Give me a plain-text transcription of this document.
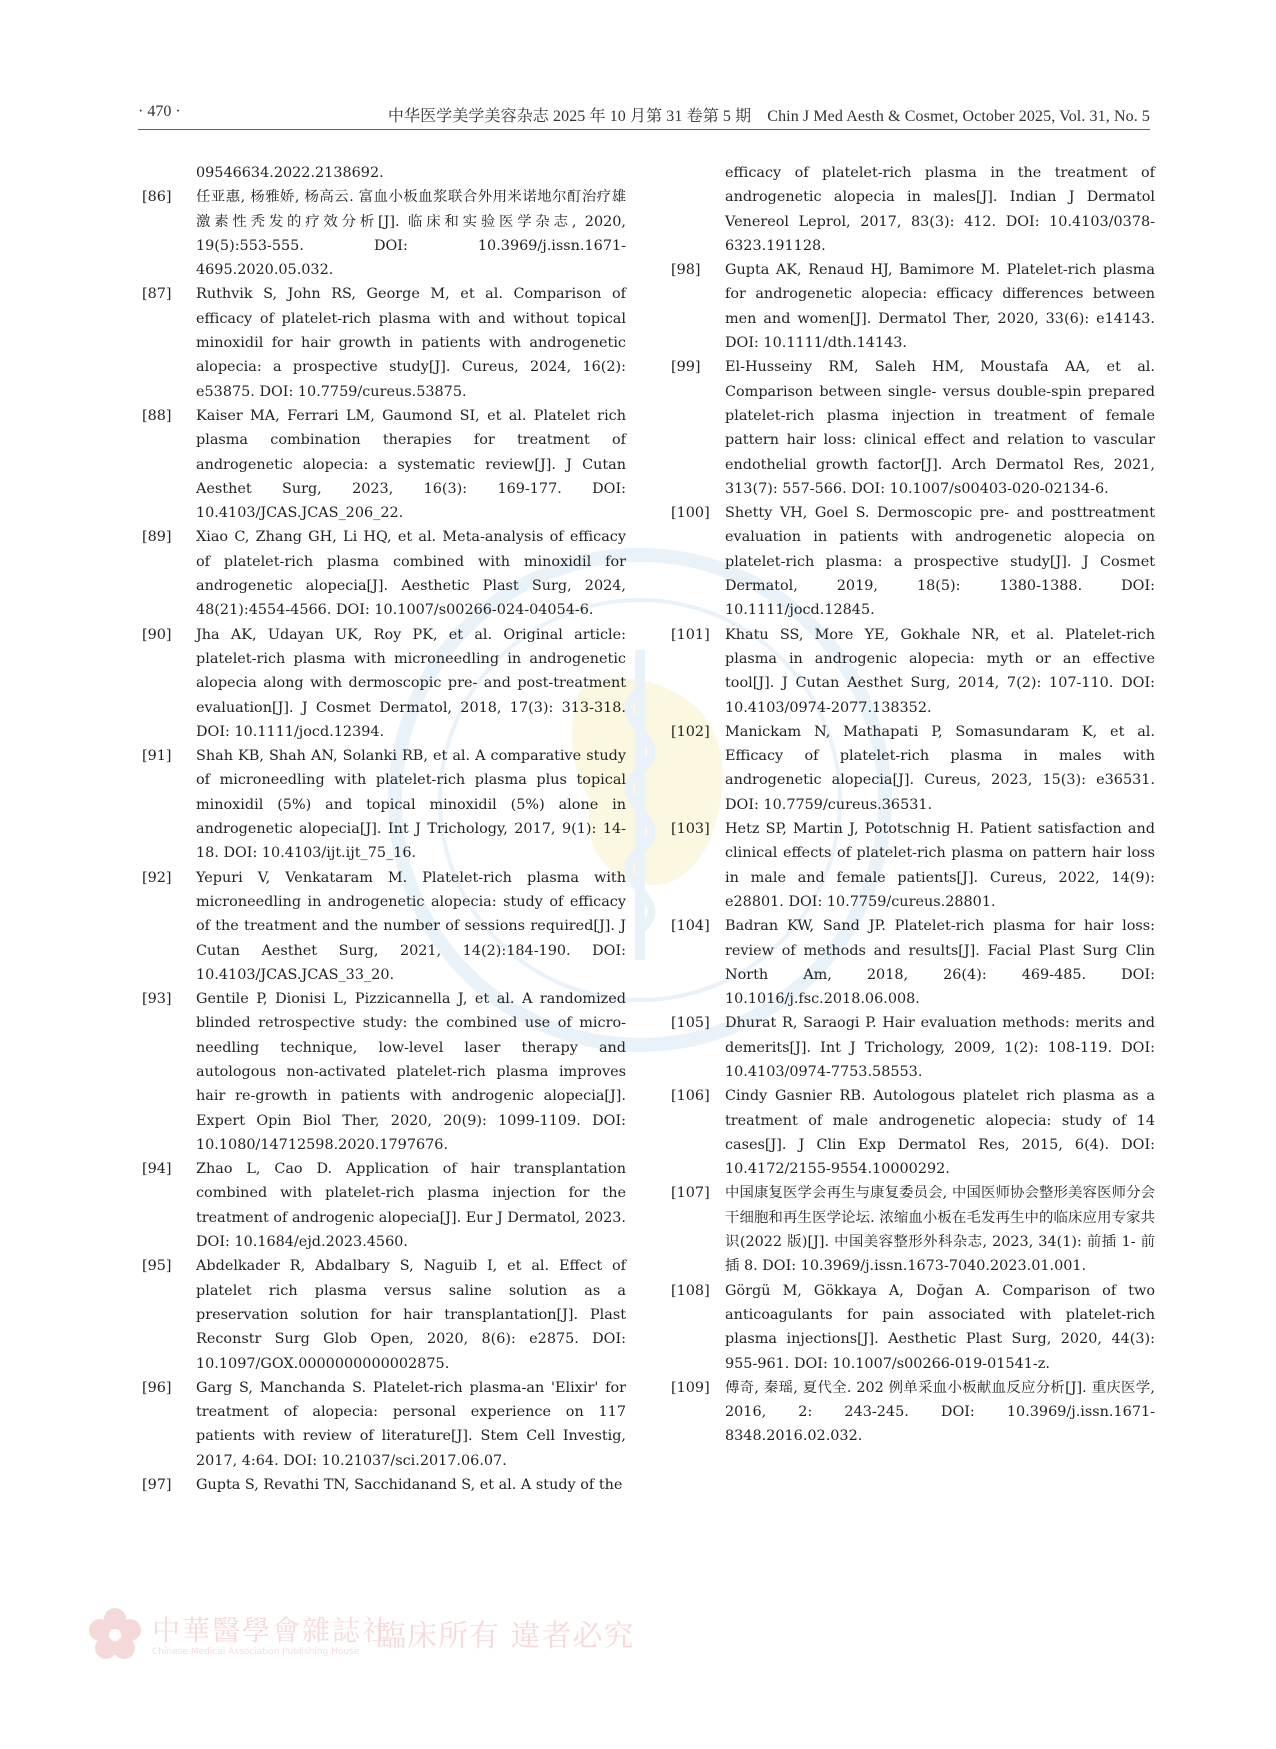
· 470 ·	中华医学美学美容杂志 2025 年 10 月第 31 卷第 5 期　Chin J Med Aesth & Cosmet, October 2025, Vol. 31, No. 5
09546634.2022.2138692.
[86]	任亚惠, 杨雅娇, 杨高云. 富血小板血浆联合外用米诺地尔酊治疗雄激素性秃发的疗效分析[J]. 临床和实验医学杂志, 2020, 19(5):553-555. DOI: 10.3969/j.issn.1671-4695.2020.05.032.
[87]	Ruthvik S, John RS, George M, et al. Comparison of efficacy of platelet-rich plasma with and without topical minoxidil for hair growth in patients with androgenetic alopecia: a prospective study[J]. Cureus, 2024, 16(2): e53875. DOI: 10.7759/cureus.53875.
[88]	Kaiser MA, Ferrari LM, Gaumond SI, et al. Platelet rich plasma combination therapies for treatment of androgenetic alopecia: a systematic review[J]. J Cutan Aesthet Surg, 2023, 16(3): 169-177. DOI: 10.4103/JCAS.JCAS_206_22.
[89]	Xiao C, Zhang GH, Li HQ, et al. Meta-analysis of efficacy of platelet-rich plasma combined with minoxidil for androgenetic alopecia[J]. Aesthetic Plast Surg, 2024, 48(21):4554-4566. DOI: 10.1007/s00266-024-04054-6.
[90]	Jha AK, Udayan UK, Roy PK, et al. Original article: platelet-rich plasma with microneedling in androgenetic alopecia along with dermoscopic pre- and post-treatment evaluation[J]. J Cosmet Dermatol, 2018, 17(3): 313-318. DOI: 10.1111/jocd.12394.
[91]	Shah KB, Shah AN, Solanki RB, et al. A comparative study of microneedling with platelet-rich plasma plus topical minoxidil (5%) and topical minoxidil (5%) alone in androgenetic alopecia[J]. Int J Trichology, 2017, 9(1): 14-18. DOI: 10.4103/ijt.ijt_75_16.
[92]	Yepuri V, Venkataram M. Platelet-rich plasma with microneedling in androgenetic alopecia: study of efficacy of the treatment and the number of sessions required[J]. J Cutan Aesthet Surg, 2021, 14(2):184-190. DOI: 10.4103/JCAS.JCAS_33_20.
[93]	Gentile P, Dionisi L, Pizzicannella J, et al. A randomized blinded retrospective study: the combined use of micro-needling technique, low-level laser therapy and autologous non-activated platelet-rich plasma improves hair re-growth in patients with androgenic alopecia[J]. Expert Opin Biol Ther, 2020, 20(9): 1099-1109. DOI: 10.1080/14712598.2020.1797676.
[94]	Zhao L, Cao D. Application of hair transplantation combined with platelet-rich plasma injection for the treatment of androgenic alopecia[J]. Eur J Dermatol, 2023. DOI: 10.1684/ejd.2023.4560.
[95]	Abdelkader R, Abdalbary S, Naguib I, et al. Effect of platelet rich plasma versus saline solution as a preservation solution for hair transplantation[J]. Plast Reconstr Surg Glob Open, 2020, 8(6): e2875. DOI: 10.1097/GOX.0000000000002875.
[96]	Garg S, Manchanda S. Platelet-rich plasma-an 'Elixir' for treatment of alopecia: personal experience on 117 patients with review of literature[J]. Stem Cell Investig, 2017, 4:64. DOI: 10.21037/sci.2017.06.07.
[97]	Gupta S, Revathi TN, Sacchidanand S, et al. A study of the
efficacy of platelet-rich plasma in the treatment of androgenetic alopecia in males[J]. Indian J Dermatol Venereol Leprol, 2017, 83(3): 412. DOI: 10.4103/0378-6323.191128.
[98]	Gupta AK, Renaud HJ, Bamimore M. Platelet-rich plasma for androgenetic alopecia: efficacy differences between men and women[J]. Dermatol Ther, 2020, 33(6): e14143. DOI: 10.1111/dth.14143.
[99]	El-Husseiny RM, Saleh HM, Moustafa AA, et al. Comparison between single- versus double-spin prepared platelet-rich plasma injection in treatment of female pattern hair loss: clinical effect and relation to vascular endothelial growth factor[J]. Arch Dermatol Res, 2021, 313(7): 557-566. DOI: 10.1007/s00403-020-02134-6.
[100]	Shetty VH, Goel S. Dermoscopic pre- and posttreatment evaluation in patients with androgenetic alopecia on platelet-rich plasma: a prospective study[J]. J Cosmet Dermatol, 2019, 18(5): 1380-1388. DOI: 10.1111/jocd.12845.
[101]	Khatu SS, More YE, Gokhale NR, et al. Platelet-rich plasma in androgenic alopecia: myth or an effective tool[J]. J Cutan Aesthet Surg, 2014, 7(2): 107-110. DOI: 10.4103/0974-2077.138352.
[102]	Manickam N, Mathapati P, Somasundaram K, et al. Efficacy of platelet-rich plasma in males with androgenetic alopecia[J]. Cureus, 2023, 15(3): e36531. DOI: 10.7759/cureus.36531.
[103]	Hetz SP, Martin J, Pototschnig H. Patient satisfaction and clinical effects of platelet-rich plasma on pattern hair loss in male and female patients[J]. Cureus, 2022, 14(9): e28801. DOI: 10.7759/cureus.28801.
[104]	Badran KW, Sand JP. Platelet-rich plasma for hair loss: review of methods and results[J]. Facial Plast Surg Clin North Am, 2018, 26(4): 469-485. DOI: 10.1016/j.fsc.2018.06.008.
[105]	Dhurat R, Saraogi P. Hair evaluation methods: merits and demerits[J]. Int J Trichology, 2009, 1(2): 108-119. DOI: 10.4103/0974-7753.58553.
[106]	Cindy Gasnier RB. Autologous platelet rich plasma as a treatment of male androgenetic alopecia: study of 14 cases[J]. J Clin Exp Dermatol Res, 2015, 6(4). DOI: 10.4172/2155-9554.10000292.
[107]	中国康复医学会再生与康复委员会, 中国医师协会整形美容医师分会干细胞和再生医学论坛. 浓缩血小板在毛发再生中的临床应用专家共识(2022 版)[J]. 中国美容整形外科杂志, 2023, 34(1): 前插 1- 前插 8. DOI: 10.3969/j.issn.1673-7040.2023.01.001.
[108]	Görgü M, Gökkaya A, Doğan A. Comparison of two anticoagulants for pain associated with platelet-rich plasma injections[J]. Aesthetic Plast Surg, 2020, 44(3): 955-961. DOI: 10.1007/s00266-019-01541-z.
[109]	傅奇, 秦瑶, 夏代全. 202 例单采血小板献血反应分析[J]. 重庆医学, 2016, 2: 243-245. DOI: 10.3969/j.issn.1671-8348.2016.02.032.
中華醫學會雜誌社
Chinese Medical Association Publishing House 臨床所有 違者必究
